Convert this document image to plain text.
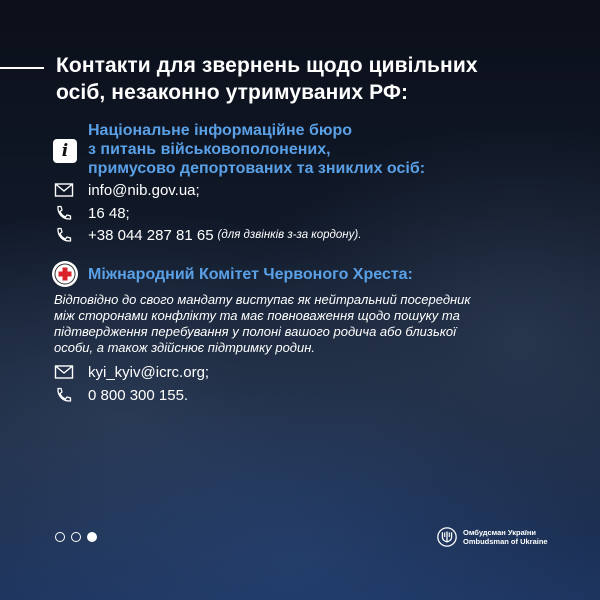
Контакти для звернень щодо цивільних
осіб, незаконно утримуваних РФ:
i
Національне інформаційне бюро
з питань військовополонених,
примусово депортованих та зниклих осіб:
info@nib.gov.ua;
16 48;
+38 044 287 81 65 (для дзвінків з-за кордону).
Міжнародний Комітет Червоного Хреста:
Відповідно до свого мандату виступає як нейтральний посередник
між сторонами конфлікту та має повноваження щодо пошуку та
підтвердження перебування у полоні вашого родича або близької
особи, а також здійснює підтримку родин.
kyi_kyiv@icrc.org;
0 800 300 155.
Омбудсман України
Ombudsman of Ukraine
